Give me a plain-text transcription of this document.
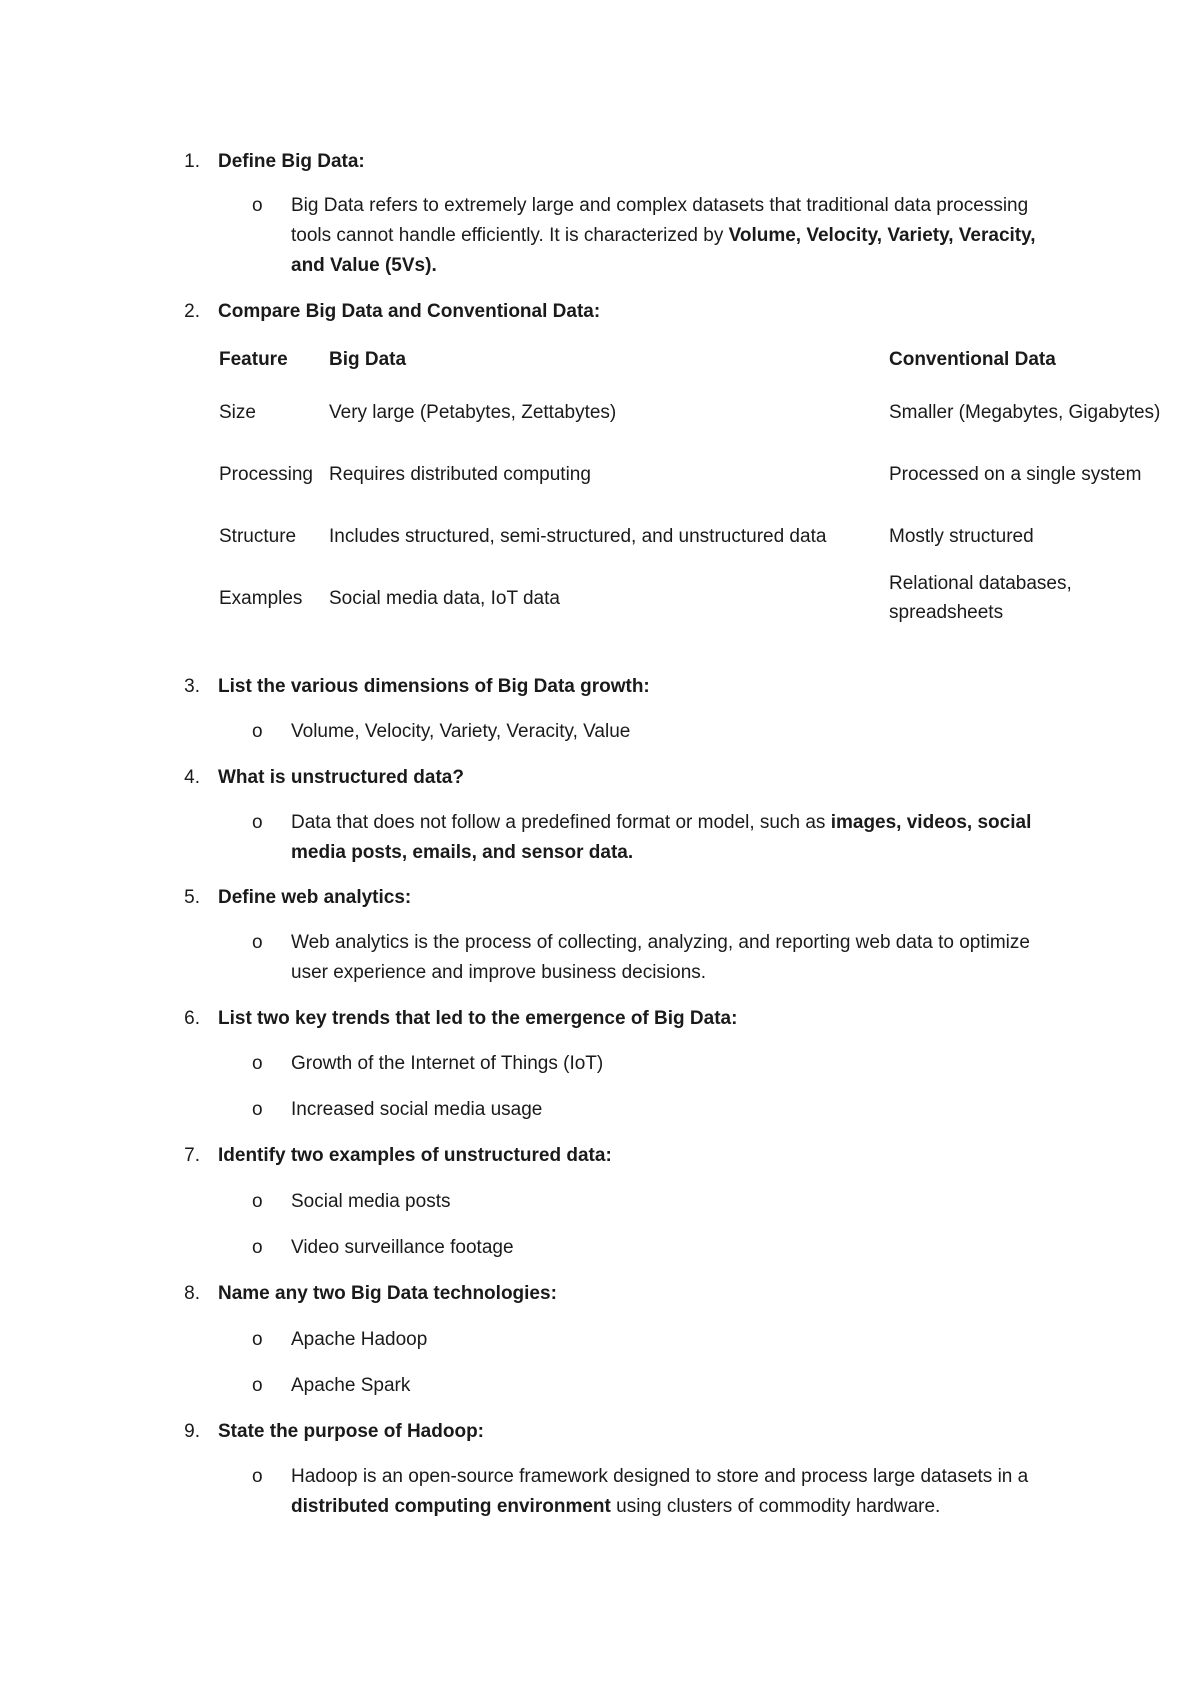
1. Define Big Data:
o Big Data refers to extremely large and complex datasets that traditional data processing tools cannot handle efficiently. It is characterized by Volume, Velocity, Variety, Veracity, and Value (5Vs).
2. Compare Big Data and Conventional Data:
Feature	Big Data	Conventional Data
Size	Very large (Petabytes, Zettabytes)	Smaller (Megabytes, Gigabytes)
Processing	Requires distributed computing	Processed on a single system
Structure	Includes structured, semi-structured, and unstructured data	Mostly structured
Examples	Social media data, IoT data	Relational databases, spreadsheets
3. List the various dimensions of Big Data growth:
o Volume, Velocity, Variety, Veracity, Value
4. What is unstructured data?
o Data that does not follow a predefined format or model, such as images, videos, social media posts, emails, and sensor data.
5. Define web analytics:
o Web analytics is the process of collecting, analyzing, and reporting web data to optimize user experience and improve business decisions.
6. List two key trends that led to the emergence of Big Data:
o Growth of the Internet of Things (IoT)
o Increased social media usage
7. Identify two examples of unstructured data:
o Social media posts
o Video surveillance footage
8. Name any two Big Data technologies:
o Apache Hadoop
o Apache Spark
9. State the purpose of Hadoop:
o Hadoop is an open-source framework designed to store and process large datasets in a distributed computing environment using clusters of commodity hardware.
